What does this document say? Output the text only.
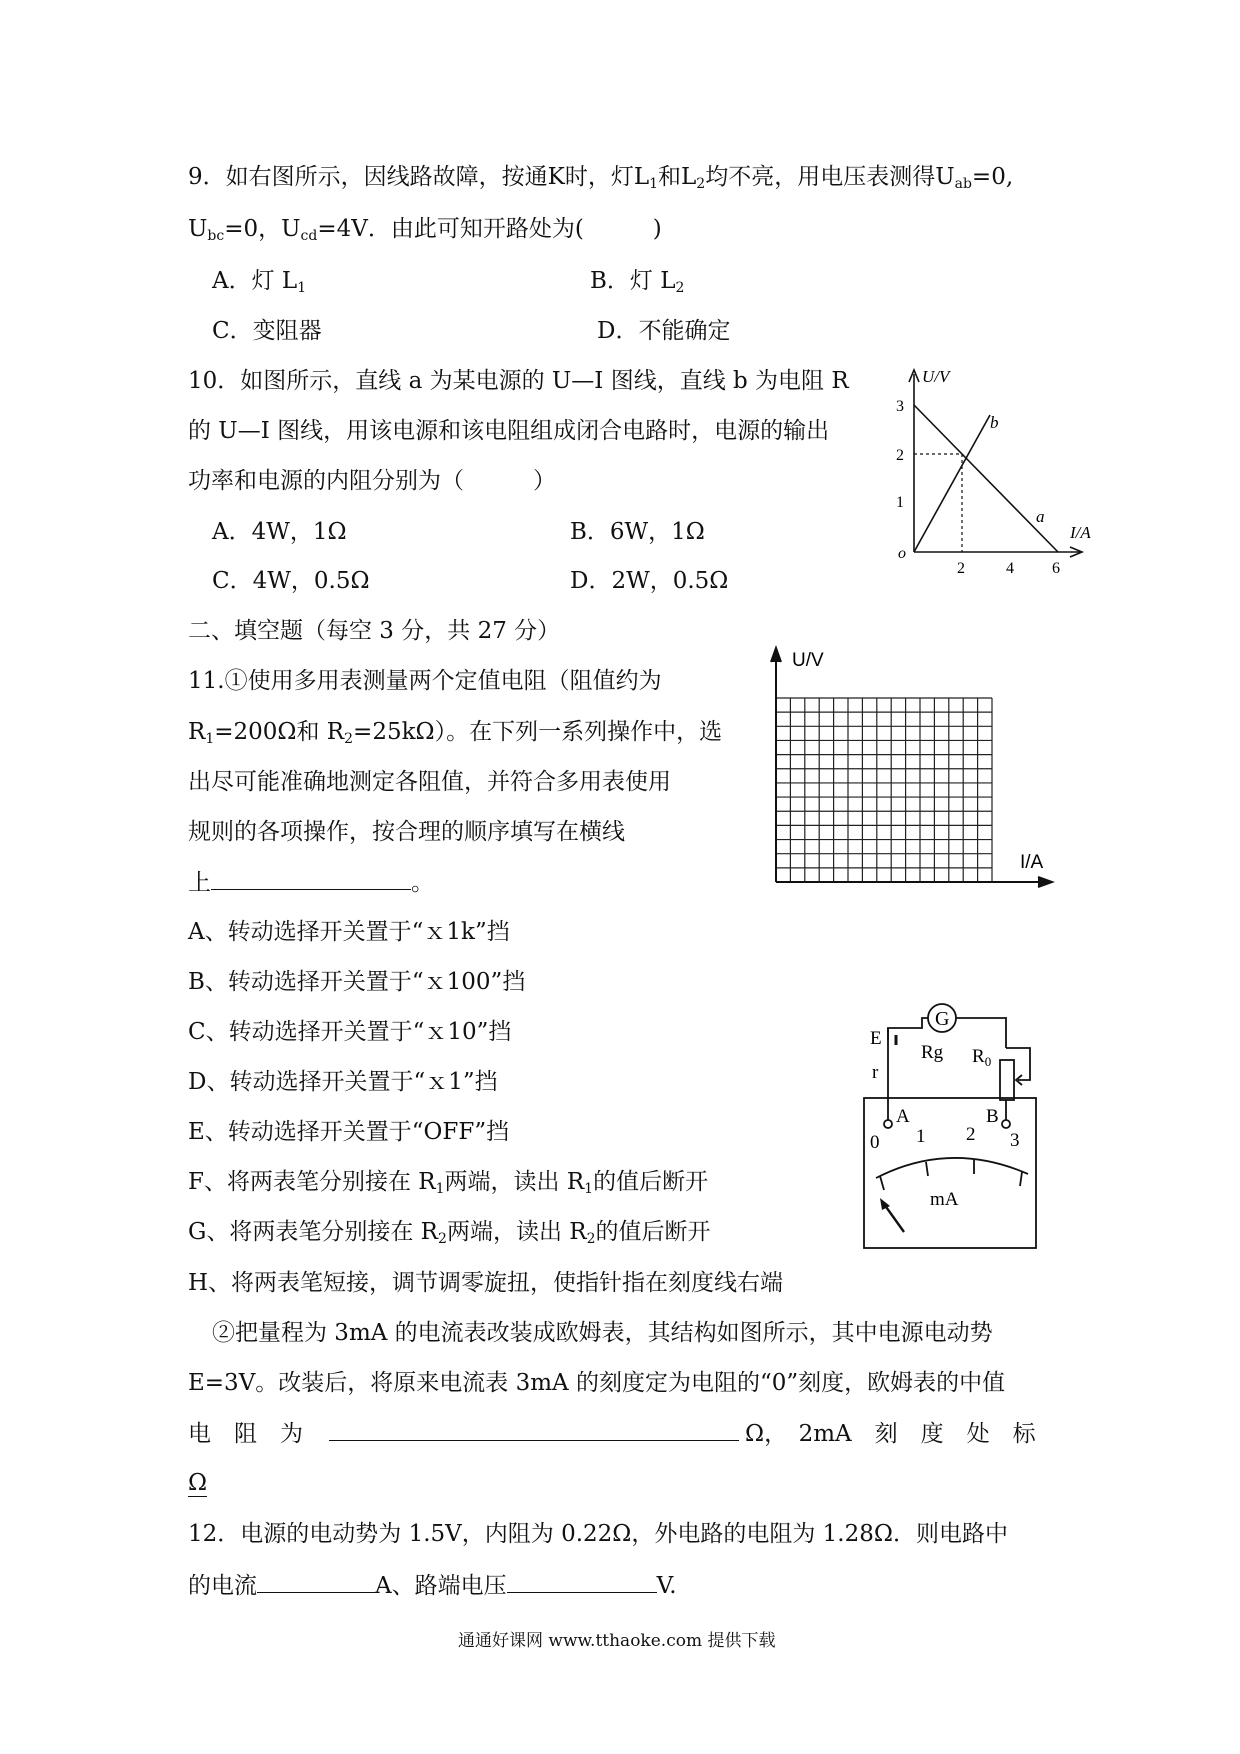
9．如右图所示，因线路故障，按通K时，灯$L_1$和$L_2$均不亮，用电压表测得$U_{ab}=0$,
$U_{bc}=0$，$U_{cd}=4V$．由此可知开路处为(　　　)
A．灯 $L_1$	B．灯 $L_2$
C．变阻器	D．不能确定
10．如图所示，直线 a 为某电源的 U—I 图线，直线 b 为电阻 R
的 U—I 图线，用该电源和该电阻组成闭合电路时，电源的输出
功率和电源的内阻分别为（　　　）
A．4W，1Ω	B．6W，1Ω
C．4W，0.5Ω	D．2W，0.5Ω
U/V
I/A
o
1
2
3
2	4 6
a
b
二、填空题（每空 3 分，共 27 分）
11.①使用多用表测量两个定值电阻（阻值约为
$R_1=200\Omega$和 $R_2=25k\Omega$）。在下列一系列操作中，选
出尽可能准确地测定各阻值，并符合多用表使用
规则的各项操作，按合理的顺序填写在横线
上	。
U/V
I/A
A、转动选择开关置于“ｘ1k”挡
B、转动选择开关置于“ｘ100”挡
C、转动选择开关置于“ｘ10”挡
D、转动选择开关置于“ｘ1”挡
E、转动选择开关置于“OFF”挡
F、将两表笔分别接在 $R_1$两端，读出 $R_1$的值后断开
G、将两表笔分别接在 $R_2$两端，读出 $R_2$的值后断开
H、将两表笔短接，调节调零旋扭，使指针指在刻度线右端
G
Rg $R_0$
E
r
A	B
0 1 2 3
mA
②把量程为 3mA 的电流表改装成欧姆表，其结构如图所示，其中电源电动势
E=3V。改装后，将原来电流表 3mA 的刻度定为电阻的“0”刻度，欧姆表的中值
电　阻　为	Ω，　2mA　刻　度　处　标
Ω
12．电源的电动势为 1.5V，内阻为 0.22Ω，外电路的电阻为 1.28Ω．则电路中
的电流	A、路端电压	V.
通通好课网 www.tthaoke.com 提供下载
